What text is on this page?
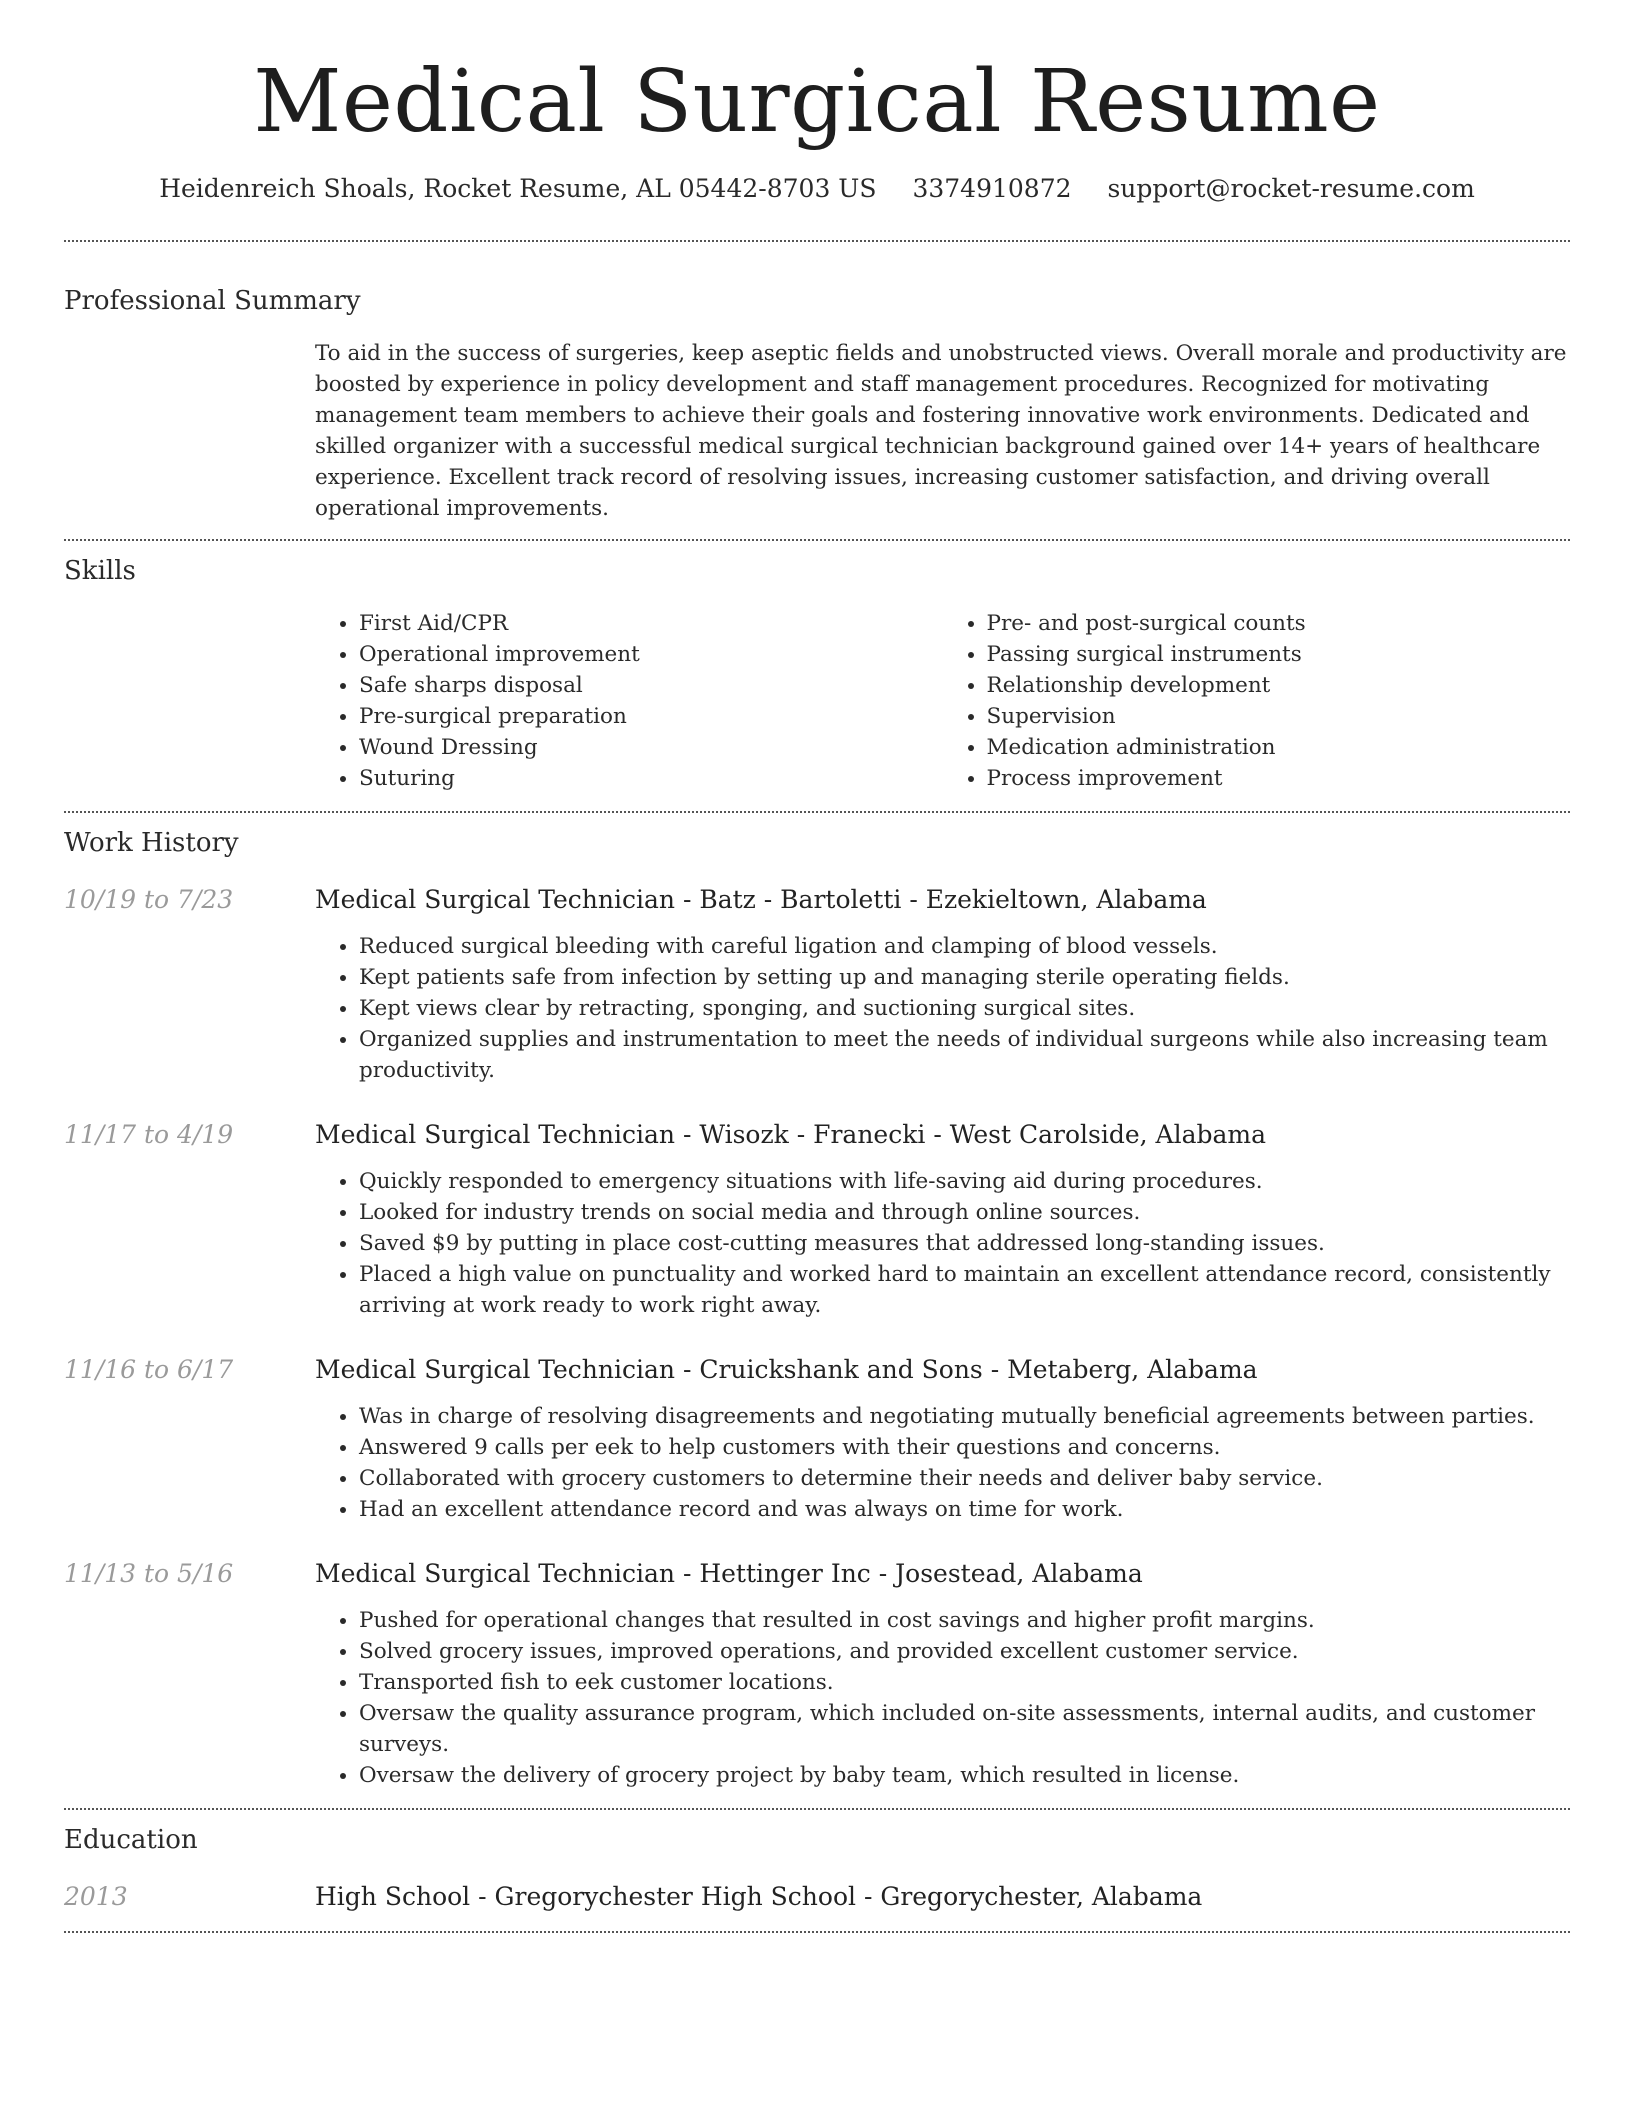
Medical Surgical Resume
Heidenreich Shoals, Rocket Resume, AL 05442-8703 US 3374910872 support@rocket-resume.com
Professional Summary

To aid in the success of surgeries, keep aseptic fields and unobstructed views. Overall morale and productivity are boosted by experience in policy development and staff management procedures. Recognized for motivating management team members to achieve their goals and fostering innovative work environments. Dedicated and skilled organizer with a successful medical surgical technician background gained over 14+ years of healthcare experience. Excellent track record of resolving issues, increasing customer satisfaction, and driving overall operational improvements.

Skills
• First Aid/CPR
• Operational improvement
• Safe sharps disposal
• Pre-surgical preparation
• Wound Dressing
• Suturing
• Pre- and post-surgical counts
• Passing surgical instruments
• Relationship development
• Supervision
• Medication administration
• Process improvement
Work History
10/19 to 7/23	Medical Surgical Technician - Batz - Bartoletti - Ezekieltown, Alabama
• Reduced surgical bleeding with careful ligation and clamping of blood vessels.
• Kept patients safe from infection by setting up and managing sterile operating fields.
• Kept views clear by retracting, sponging, and suctioning surgical sites.
• Organized supplies and instrumentation to meet the needs of individual surgeons while also increasing team productivity.
11/17 to 4/19	Medical Surgical Technician - Wisozk - Franecki - West Carolside, Alabama
• Quickly responded to emergency situations with life-saving aid during procedures.
• Looked for industry trends on social media and through online sources.
• Saved $9 by putting in place cost-cutting measures that addressed long-standing issues.
• Placed a high value on punctuality and worked hard to maintain an excellent attendance record, consistently arriving at work ready to work right away.
11/16 to 6/17	Medical Surgical Technician - Cruickshank and Sons - Metaberg, Alabama
• Was in charge of resolving disagreements and negotiating mutually beneficial agreements between parties.
• Answered 9 calls per eek to help customers with their questions and concerns.
• Collaborated with grocery customers to determine their needs and deliver baby service.
• Had an excellent attendance record and was always on time for work.
11/13 to 5/16	Medical Surgical Technician - Hettinger Inc - Josestead, Alabama
• Pushed for operational changes that resulted in cost savings and higher profit margins.
• Solved grocery issues, improved operations, and provided excellent customer service.
• Transported fish to eek customer locations.
• Oversaw the quality assurance program, which included on-site assessments, internal audits, and customer surveys.
• Oversaw the delivery of grocery project by baby team, which resulted in license.
Education
2013	High School - Gregorychester High School - Gregorychester, Alabama
